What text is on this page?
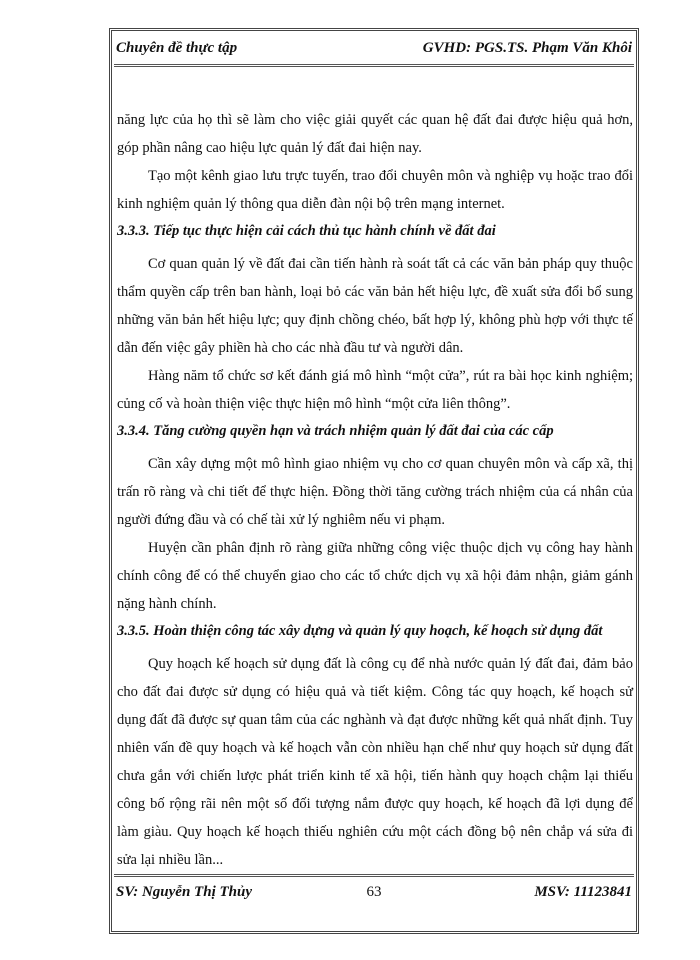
Chuyên đề thực tập	GVHD: PGS.TS. Phạm Văn Khôi

năng lực của họ thì sẽ làm cho việc giải quyết các quan hệ đất đai được hiệu quả hơn, góp phần nâng cao hiệu lực quản lý đất đai hiện nay.

Tạo một kênh giao lưu trực tuyến, trao đổi chuyên môn và nghiệp vụ hoặc trao đổi kinh nghiệm quản lý thông qua diễn đàn nội bộ trên mạng internet.

3.3.3. Tiếp tục thực hiện cải cách thủ tục hành chính về đất đai

Cơ quan quản lý về đất đai cần tiến hành rà soát tất cả các văn bản pháp quy thuộc thẩm quyền cấp trên ban hành, loại bỏ các văn bản hết hiệu lực, đề xuất sửa đổi bổ sung những văn bản hết hiệu lực; quy định chồng chéo, bất hợp lý, không phù hợp với thực tế dẫn đến việc gây phiền hà cho các nhà đầu tư và người dân.

Hàng năm tổ chức sơ kết đánh giá mô hình “một cửa”, rút ra bài học kinh nghiệm; củng cố và hoàn thiện việc thực hiện mô hình “một cửa liên thông”.

3.3.4. Tăng cường quyền hạn và trách nhiệm quản lý đất đai của các cấp

Cần xây dựng một mô hình giao nhiệm vụ cho cơ quan chuyên môn và cấp xã, thị trấn rõ ràng và chi tiết để thực hiện. Đồng thời tăng cường trách nhiệm của cá nhân của người đứng đầu và có chế tài xử lý nghiêm nếu vi phạm.

Huyện cần phân định rõ ràng giữa những công việc thuộc dịch vụ công hay hành chính công để có thể chuyển giao cho các tổ chức dịch vụ xã hội đảm nhận, giảm gánh nặng hành chính.

3.3.5. Hoàn thiện công tác xây dựng và quản lý quy hoạch, kế hoạch sử dụng đất

Quy hoạch kế hoạch sử dụng đất là công cụ để nhà nước quản lý đất đai, đảm bảo cho đất đai được sử dụng có hiệu quả và tiết kiệm. Công tác quy hoạch, kế hoạch sử dụng đất đã được sự quan tâm của các nghành và đạt được những kết quả nhất định. Tuy nhiên vấn đề quy hoạch và kế hoạch vẫn còn nhiều hạn chế như quy hoạch sử dụng đất chưa gắn với chiến lược phát triển kinh tế xã hội, tiến hành quy hoạch chậm lại thiếu công bố rộng rãi nên một số đối tượng nắm được quy hoạch, kế hoạch đã lợi dụng để làm giàu. Quy hoạch kế hoạch thiếu nghiên cứu một cách đồng bộ nên chắp vá sửa đi sửa lại nhiều lần...

SV: Nguyễn Thị Thủy	63	MSV: 11123841
